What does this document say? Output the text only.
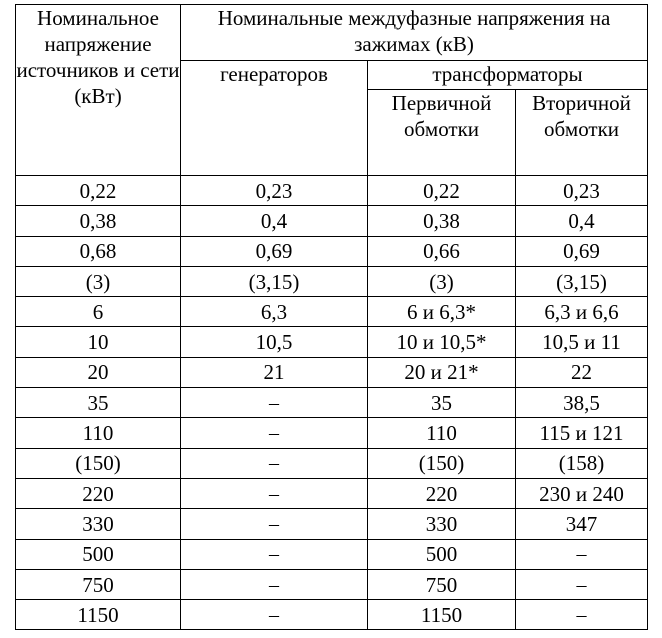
Номинальное напряжение источников и сети (кВт)	Номинальные междуфазные напряжения на зажимах (кВ)		
	генераторов	трансформаторы	
		Первичной обмотки	Вторичной обмотки
0,22	0,23	0,22	0,23
0,38	0,4	0,38	0,4
0,68	0,69	0,66	0,69
(3)	(3,15)	(3)	(3,15)
6	6,3	6 и 6,3*	6,3 и 6,6
10	10,5	10 и 10,5*	10,5 и 11
20	21	20 и 21*	22
35	–	35	38,5
110	–	110	115 и 121
(150)	–	(150)	(158)
220	–	220	230 и 240
330	–	330	347
500	–	500	–
750	–	750	–
1150	–	1150	–
